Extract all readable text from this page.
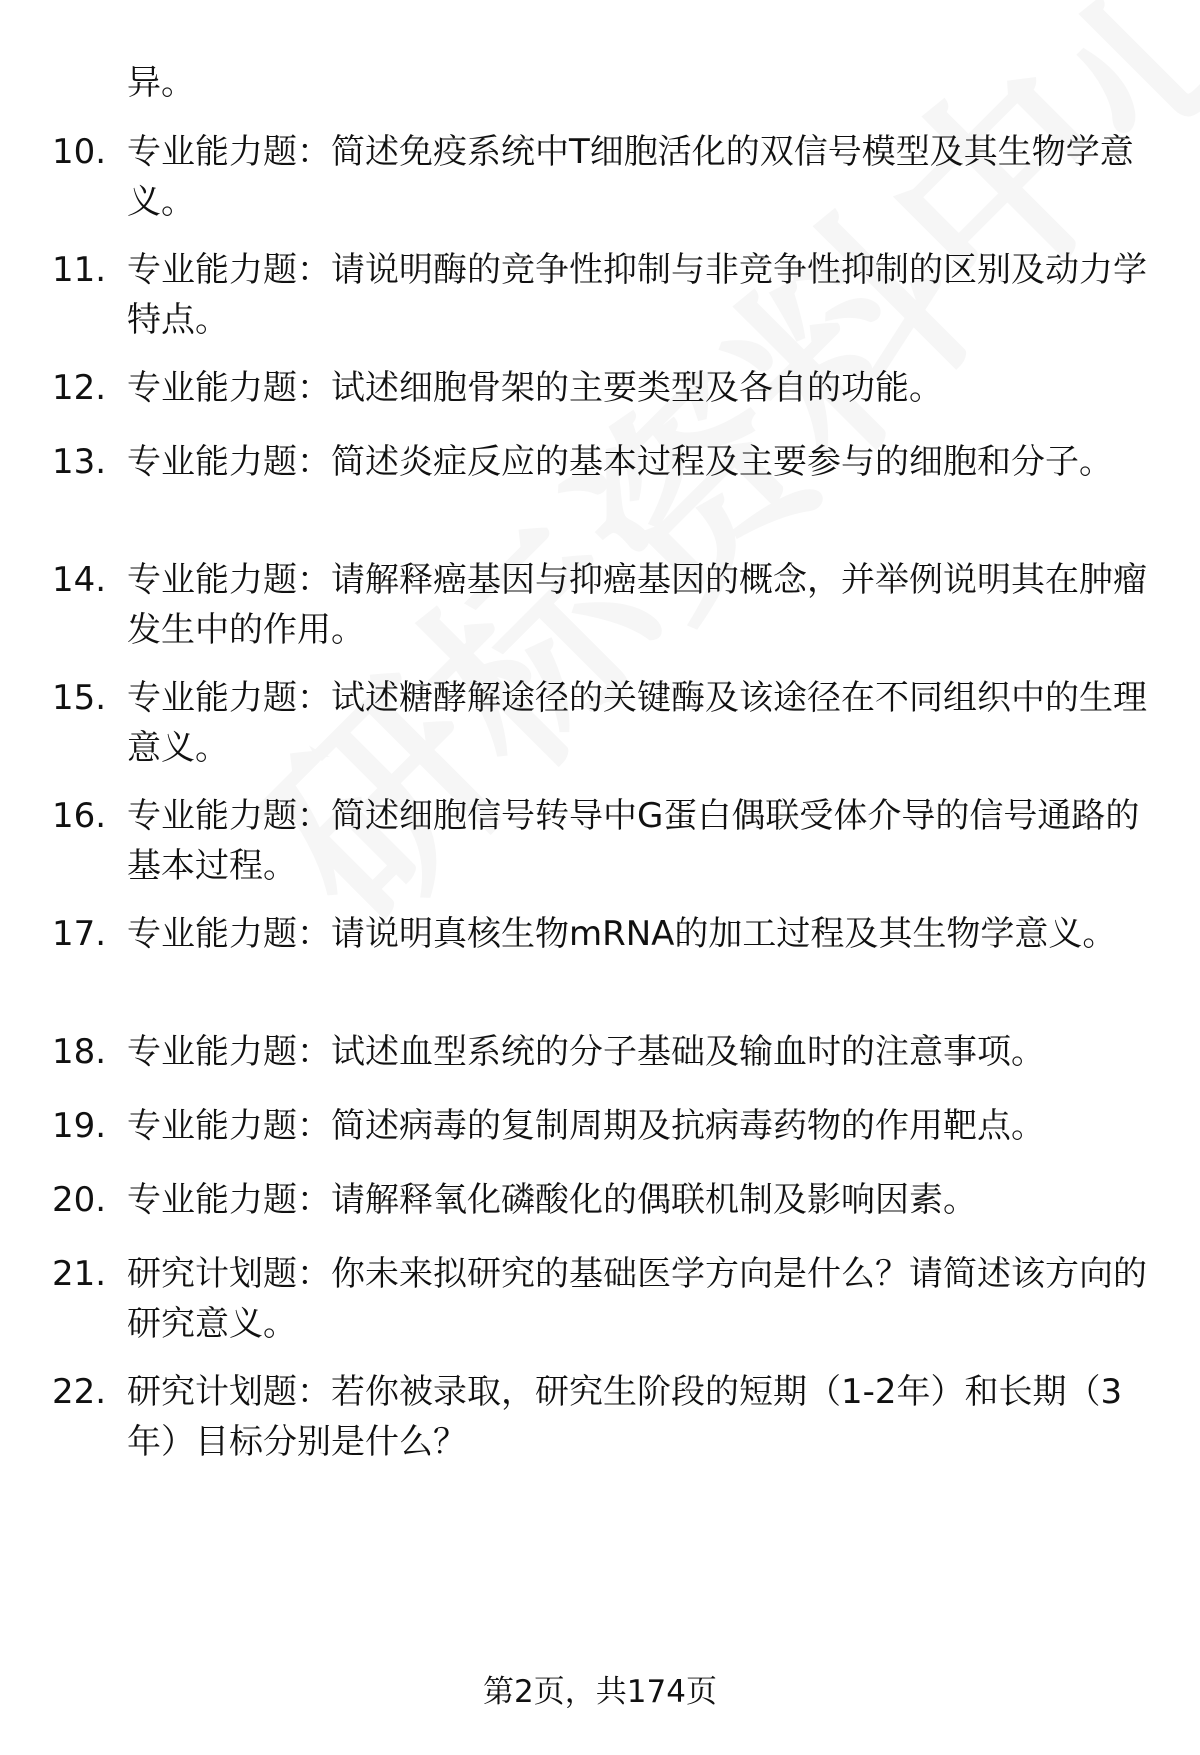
异。
10. 专业能力题：简述免疫系统中T细胞活化的双信号模型及其生物学意义。
11. 专业能力题：请说明酶的竞争性抑制与非竞争性抑制的区别及动力学特点。
12. 专业能力题：试述细胞骨架的主要类型及各自的功能。
13. 专业能力题：简述炎症反应的基本过程及主要参与的细胞和分子。
14. 专业能力题：请解释癌基因与抑癌基因的概念，并举例说明其在肿瘤发生中的作用。
15. 专业能力题：试述糖酵解途径的关键酶及该途径在不同组织中的生理意义。
16. 专业能力题：简述细胞信号转导中G蛋白偶联受体介导的信号通路的基本过程。
17. 专业能力题：请说明真核生物mRNA的加工过程及其生物学意义。
18. 专业能力题：试述血型系统的分子基础及输血时的注意事项。
19. 专业能力题：简述病毒的复制周期及抗病毒药物的作用靶点。
20. 专业能力题：请解释氧化磷酸化的偶联机制及影响因素。
21. 研究计划题：你未来拟研究的基础医学方向是什么？请简述该方向的研究意义。
22. 研究计划题：若你被录取，研究生阶段的短期（1-2年）和长期（3年）目标分别是什么？
第2页，共174页
